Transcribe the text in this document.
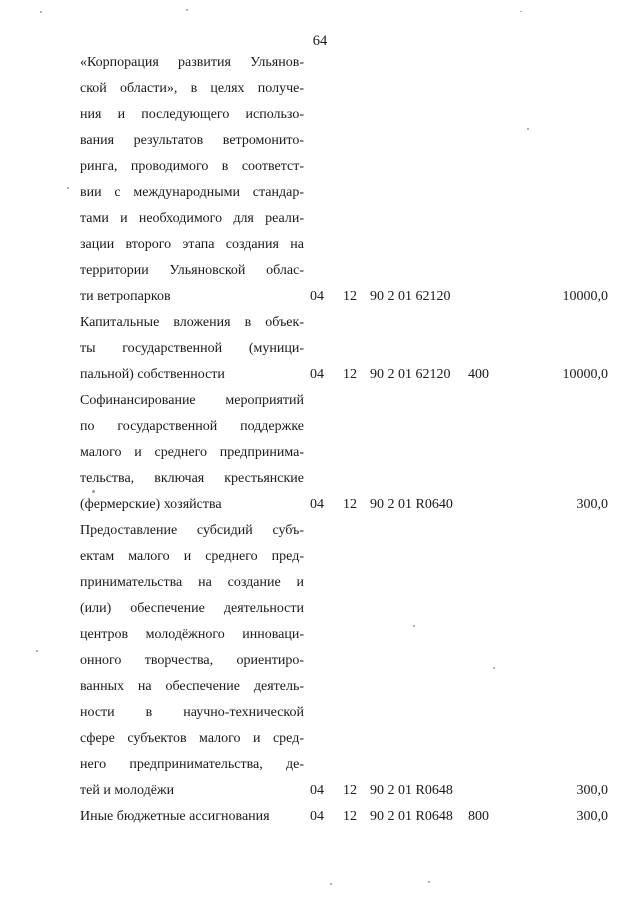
64
«Корпорация развития Ульянов-
ской области», в целях получе-
ния и последующего использо-
вания результатов ветромонито-
ринга, проводимого в соответст-
вии с международными стандар-
тами и необходимого для реали-
зации второго этапа создания на
территории Ульяновской облас-
ти ветропарков	04 12 90 2 01 62120	10000,0
Капитальные вложения в объек-
ты государственной (муници-
пальной) собственности	04 12 90 2 01 62120 400	10000,0
Софинансирование мероприятий
по государственной поддержке
малого и среднего предпринима-
тельства, включая крестьянские
(фермерские) хозяйства	04 12 90 2 01 R0640	300,0
Предоставление субсидий субъ-
ектам малого и среднего пред-
принимательства на создание и
(или) обеспечение деятельности
центров молодёжного инноваци-
онного творчества, ориентиро-
ванных на обеспечение деятель-
ности в научно-технической
сфере субъектов малого и сред-
него предпринимательства, де-
тей и молодёжи	04 12 90 2 01 R0648	300,0
Иные бюджетные ассигнования	04 12 90 2 01 R0648 800	300,0
